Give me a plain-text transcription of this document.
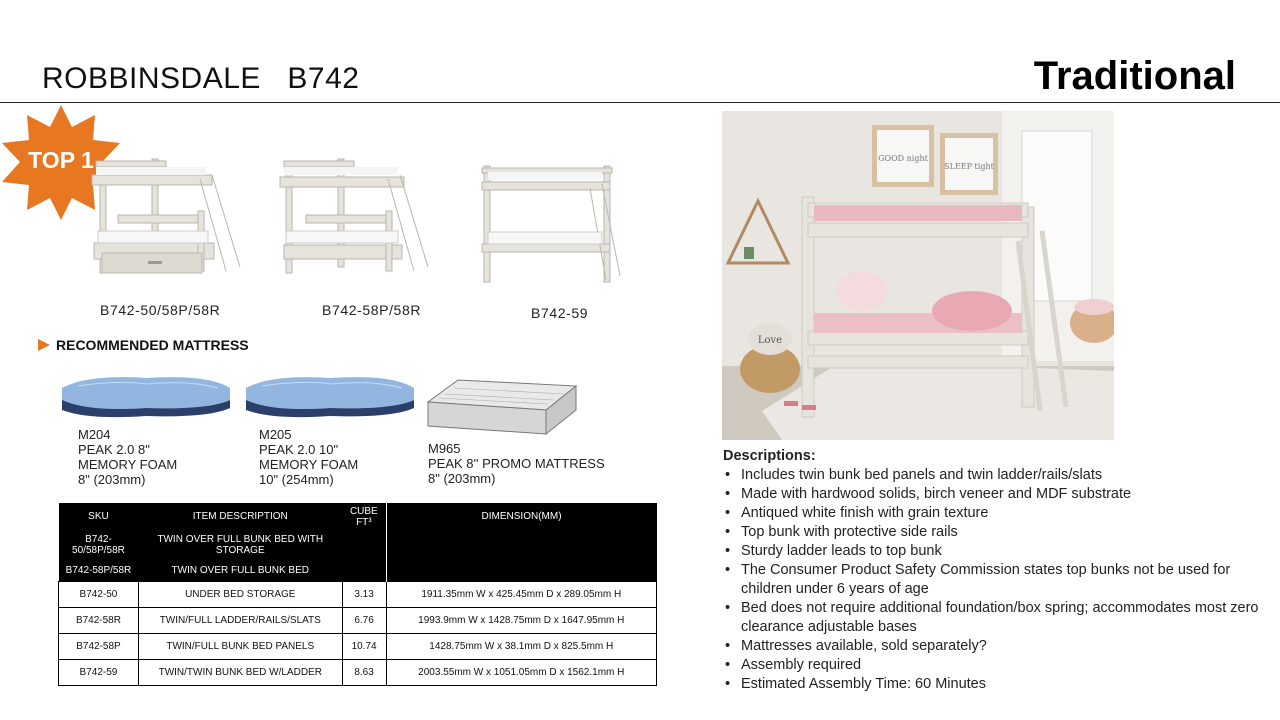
ROBBINSDALE   B742	Traditional
TOP 1
B742-50/58P/58R	B742-58P/58R	B742-59
RECOMMENDED MATTRESS
M204
PEAK 2.0 8"
MEMORY FOAM
8" (203mm)
M205
PEAK 2.0 10"
MEMORY FOAM
10" (254mm)
M965
PEAK 8'' PROMO MATTRESS
8" (203mm)
SKU	ITEM DESCRIPTION	CUBE FT³	DIMENSION(MM)
B742-50/58P/58R	TWIN OVER FULL BUNK BED WITH STORAGE		
B742-58P/58R	TWIN OVER FULL BUNK BED		
B742-50	UNDER BED STORAGE	3.13	1911.35mm W x 425.45mm D x 289.05mm H
B742-58R	TWIN/FULL LADDER/RAILS/SLATS	6.76	1993.9mm W x 1428.75mm D x 1647.95mm H
B742-58P	TWIN/FULL BUNK BED PANELS	10.74	1428.75mm W x 38.1mm D x 825.5mm H
B742-59	TWIN/TWIN BUNK BED W/LADDER	8.63	2003.55mm W x 1051.05mm D x 1562.1mm H
GOOD night
SLEEP tight
Love
Descriptions:
• Includes twin bunk bed panels and twin ladder/rails/slats
• Made with hardwood solids, birch veneer and MDF substrate
• Antiqued white finish with grain texture
• Top bunk with protective side rails
• Sturdy ladder leads to top bunk
• The Consumer Product Safety Commission states top bunks not be used for children under 6 years of age
• Bed does not require additional foundation/box spring; accommodates most zero clearance adjustable bases
• Mattresses available, sold separately?
• Assembly required
• Estimated Assembly Time: 60 Minutes
